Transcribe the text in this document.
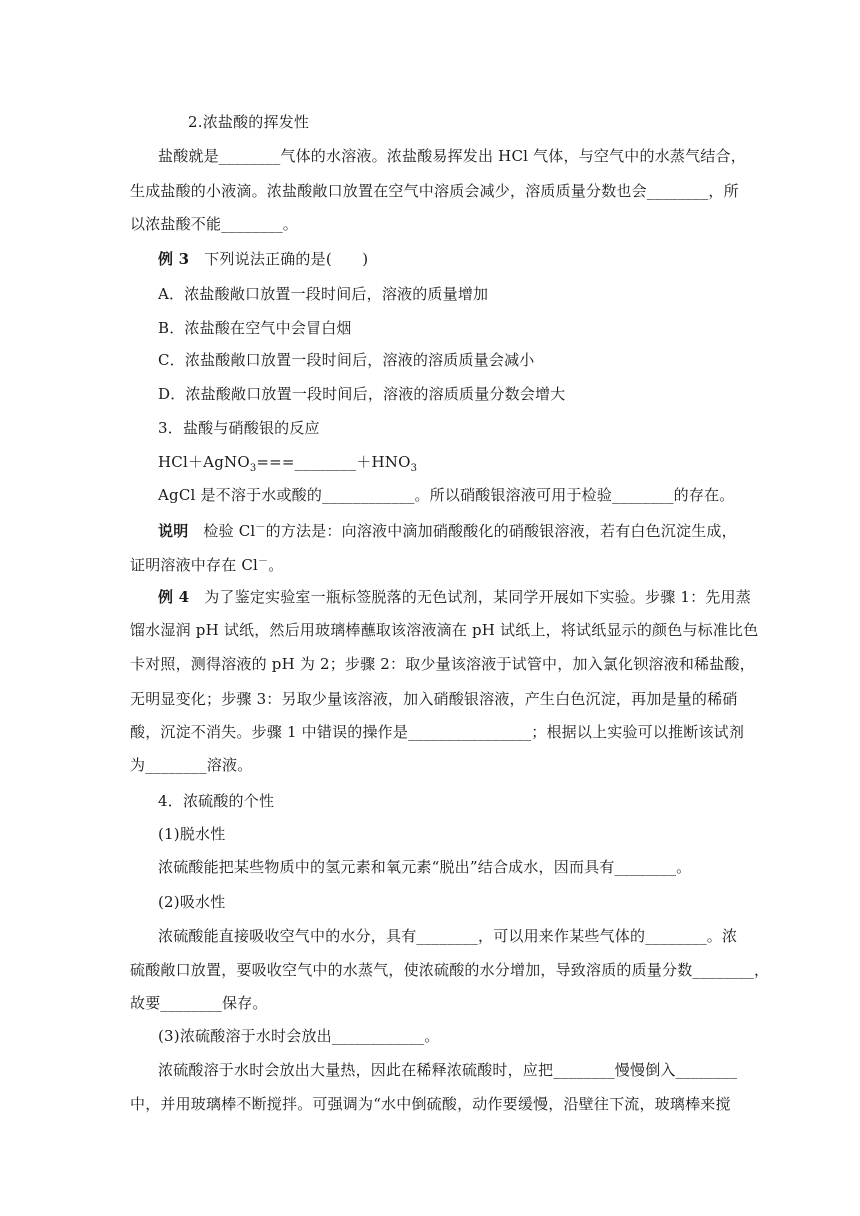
2.浓盐酸的挥发性
盐酸就是________气体的水溶液。浓盐酸易挥发出 HCl 气体，与空气中的水蒸气结合，
生成盐酸的小液滴。浓盐酸敞口放置在空气中溶质会减少，溶质质量分数也会________，所
以浓盐酸不能________。
例 3 下列说法正确的是(　　)
A．浓盐酸敞口放置一段时间后，溶液的质量增加
B．浓盐酸在空气中会冒白烟
C．浓盐酸敞口放置一段时间后，溶液的溶质质量会减小
D．浓盐酸敞口放置一段时间后，溶液的溶质质量分数会增大
3．盐酸与硝酸银的反应
$HCl+AgNO_3===\_\_\_\_\_\_\_\_+HNO_3$
AgCl 是不溶于水或酸的____________。所以硝酸银溶液可用于检验________的存在。
说明 检验 Cl－的方法是：向溶液中滴加硝酸酸化的硝酸银溶液，若有白色沉淀生成，
证明溶液中存在 Cl－。
例 4 为了鉴定实验室一瓶标签脱落的无色试剂，某同学开展如下实验。步骤 1：先用蒸
馏水湿润 pH 试纸，然后用玻璃棒蘸取该溶液滴在 pH 试纸上，将试纸显示的颜色与标准比色
卡对照，测得溶液的 pH 为 2；步骤 2：取少量该溶液于试管中，加入氯化钡溶液和稀盐酸，
无明显变化；步骤 3：另取少量该溶液，加入硝酸银溶液，产生白色沉淀，再加是量的稀硝
酸，沉淀不消失。步骤 1 中错误的操作是________________；根据以上实验可以推断该试剂
为________溶液。
4．浓硫酸的个性
(1)脱水性
浓硫酸能把某些物质中的氢元素和氧元素“脱出”结合成水，因而具有________。
(2)吸水性
浓硫酸能直接吸收空气中的水分，具有________，可以用来作某些气体的________。浓
硫酸敞口放置，要吸收空气中的水蒸气，使浓硫酸的水分增加，导致溶质的质量分数________，
故要________保存。
(3)浓硫酸溶于水时会放出____________。
浓硫酸溶于水时会放出大量热，因此在稀释浓硫酸时，应把________慢慢倒入________
中，并用玻璃棒不断搅拌。可强调为“水中倒硫酸，动作要缓慢，沿壁往下流，玻璃棒来搅
